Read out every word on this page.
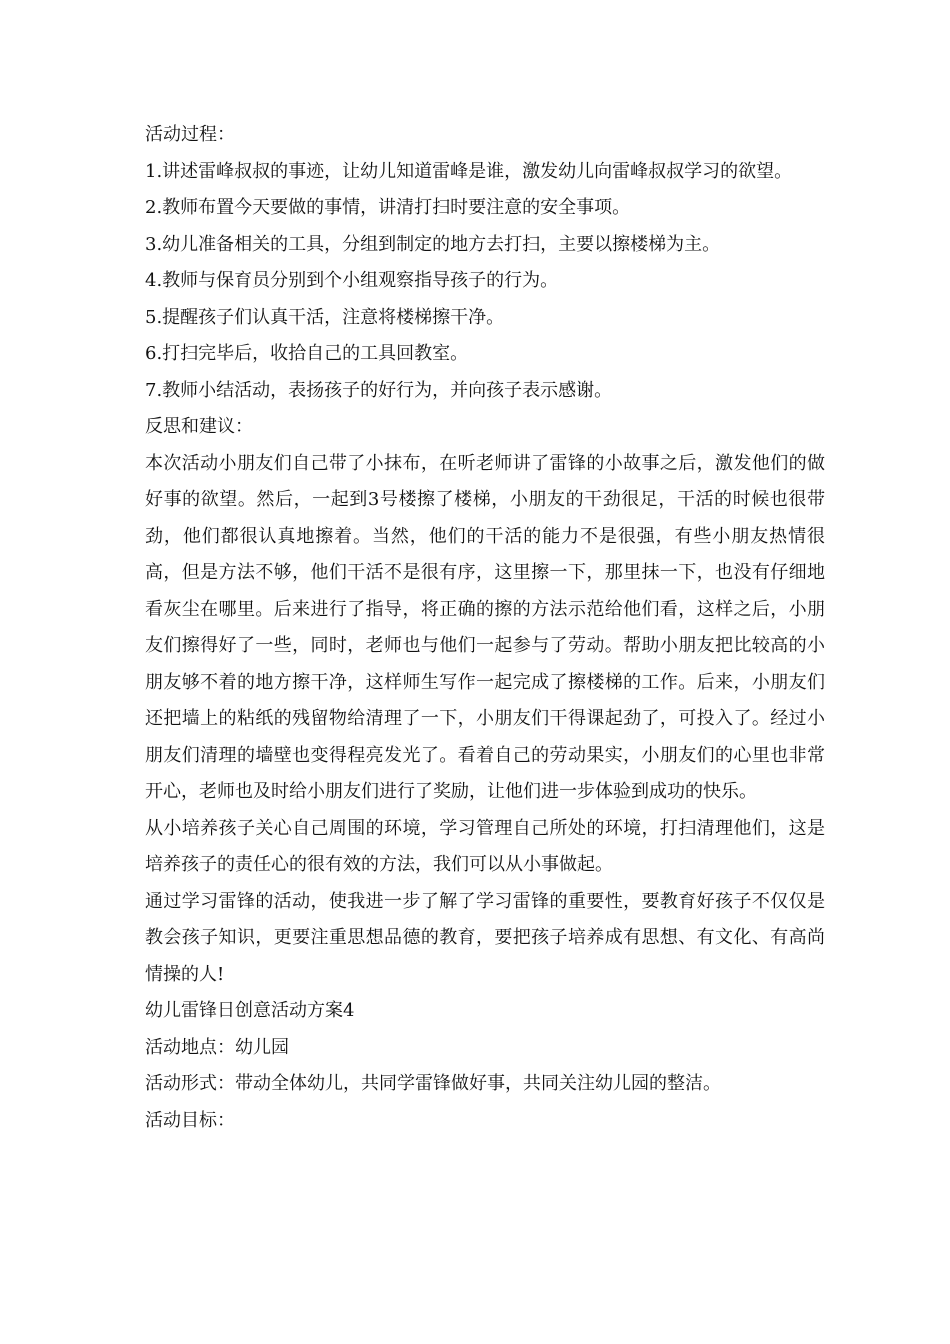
活动过程：

1.讲述雷峰叔叔的事迹，让幼儿知道雷峰是谁，激发幼儿向雷峰叔叔学习的欲望。

2.教师布置今天要做的事情，讲清打扫时要注意的安全事项。

3.幼儿准备相关的工具，分组到制定的地方去打扫，主要以擦楼梯为主。

4.教师与保育员分别到个小组观察指导孩子的行为。

5.提醒孩子们认真干活，注意将楼梯擦干净。

6.打扫完毕后，收拾自己的工具回教室。

7.教师小结活动，表扬孩子的好行为，并向孩子表示感谢。

反思和建议：

本次活动小朋友们自己带了小抹布，在听老师讲了雷锋的小故事之后，激发他们的做好事的欲望。然后，一起到3号楼擦了楼梯，小朋友的干劲很足，干活的时候也很带劲，他们都很认真地擦着。当然，他们的干活的能力不是很强，有些小朋友热情很高，但是方法不够，他们干活不是很有序，这里擦一下，那里抹一下，也没有仔细地看灰尘在哪里。后来进行了指导，将正确的擦的方法示范给他们看，这样之后，小朋友们擦得好了一些，同时，老师也与他们一起参与了劳动。帮助小朋友把比较高的小朋友够不着的地方擦干净，这样师生写作一起完成了擦楼梯的工作。后来，小朋友们还把墙上的粘纸的残留物给清理了一下，小朋友们干得课起劲了，可投入了。经过小朋友们清理的墙壁也变得程亮发光了。看着自己的劳动果实，小朋友们的心里也非常开心，老师也及时给小朋友们进行了奖励，让他们进一步体验到成功的快乐。

从小培养孩子关心自己周围的环境，学习管理自己所处的环境，打扫清理他们，这是培养孩子的责任心的很有效的方法，我们可以从小事做起。

通过学习雷锋的活动，使我进一步了解了学习雷锋的重要性，要教育好孩子不仅仅是教会孩子知识，更要注重思想品德的教育，要把孩子培养成有思想、有文化、有高尚情操的人!

幼儿雷锋日创意活动方案4

活动地点：幼儿园

活动形式：带动全体幼儿，共同学雷锋做好事，共同关注幼儿园的整洁。

活动目标：
